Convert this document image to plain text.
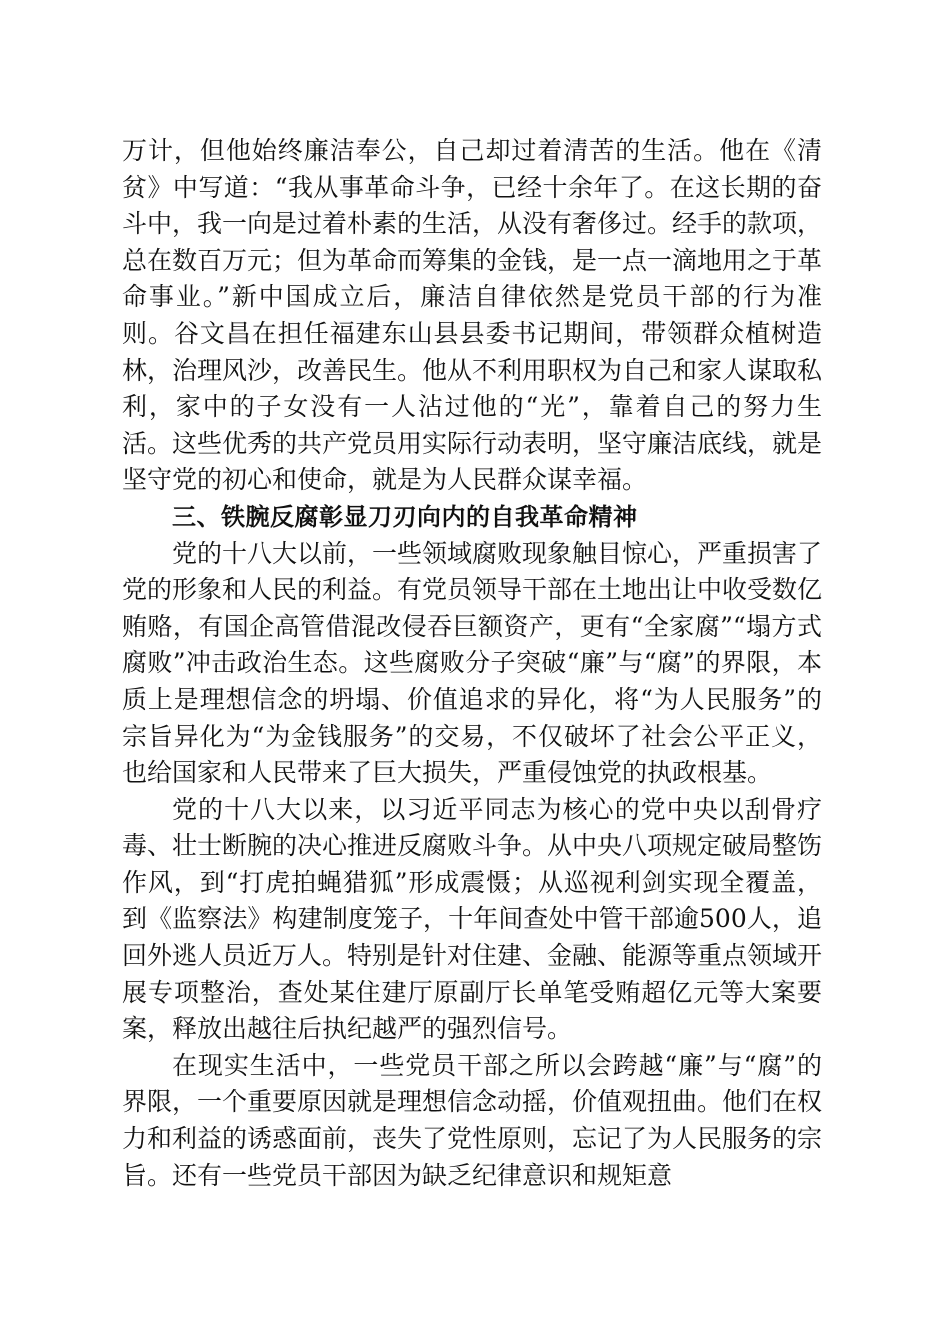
万计，但他始终廉洁奉公，自己却过着清苦的生活。他在《清贫》中写道：“我从事革命斗争，已经十余年了。在这长期的奋斗中，我一向是过着朴素的生活，从没有奢侈过。经手的款项，总在数百万元；但为革命而筹集的金钱，是一点一滴地用之于革命事业。”新中国成立后，廉洁自律依然是党员干部的行为准则。谷文昌在担任福建东山县县委书记期间，带领群众植树造林，治理风沙，改善民生。他从不利用职权为自己和家人谋取私利，家中的子女没有一人沾过他的“光”，靠着自己的努力生活。这些优秀的共产党员用实际行动表明，坚守廉洁底线，就是坚守党的初心和使命，就是为人民群众谋幸福。

三、铁腕反腐彰显刀刃向内的自我革命精神

党的十八大以前，一些领域腐败现象触目惊心，严重损害了党的形象和人民的利益。有党员领导干部在土地出让中收受数亿贿赂，有国企高管借混改侵吞巨额资产，更有“全家腐”“塌方式腐败”冲击政治生态。这些腐败分子突破“廉”与“腐”的界限，本质上是理想信念的坍塌、价值追求的异化，将“为人民服务”的宗旨异化为“为金钱服务”的交易，不仅破坏了社会公平正义，也给国家和人民带来了巨大损失，严重侵蚀党的执政根基。

党的十八大以来，以习近平同志为核心的党中央以刮骨疗毒、壮士断腕的决心推进反腐败斗争。从中央八项规定破局整饬作风，到“打虎拍蝇猎狐”形成震慑；从巡视利剑实现全覆盖，到《监察法》构建制度笼子，十年间查处中管干部逾500人，追回外逃人员近万人。特别是针对住建、金融、能源等重点领域开展专项整治，查处某住建厅原副厅长单笔受贿超亿元等大案要案，释放出越往后执纪越严的强烈信号。

在现实生活中，一些党员干部之所以会跨越“廉”与“腐”的界限，一个重要原因就是理想信念动摇，价值观扭曲。他们在权力和利益的诱惑面前，丧失了党性原则，忘记了为人民服务的宗旨。还有一些党员干部因为缺乏纪律意识和规矩意
